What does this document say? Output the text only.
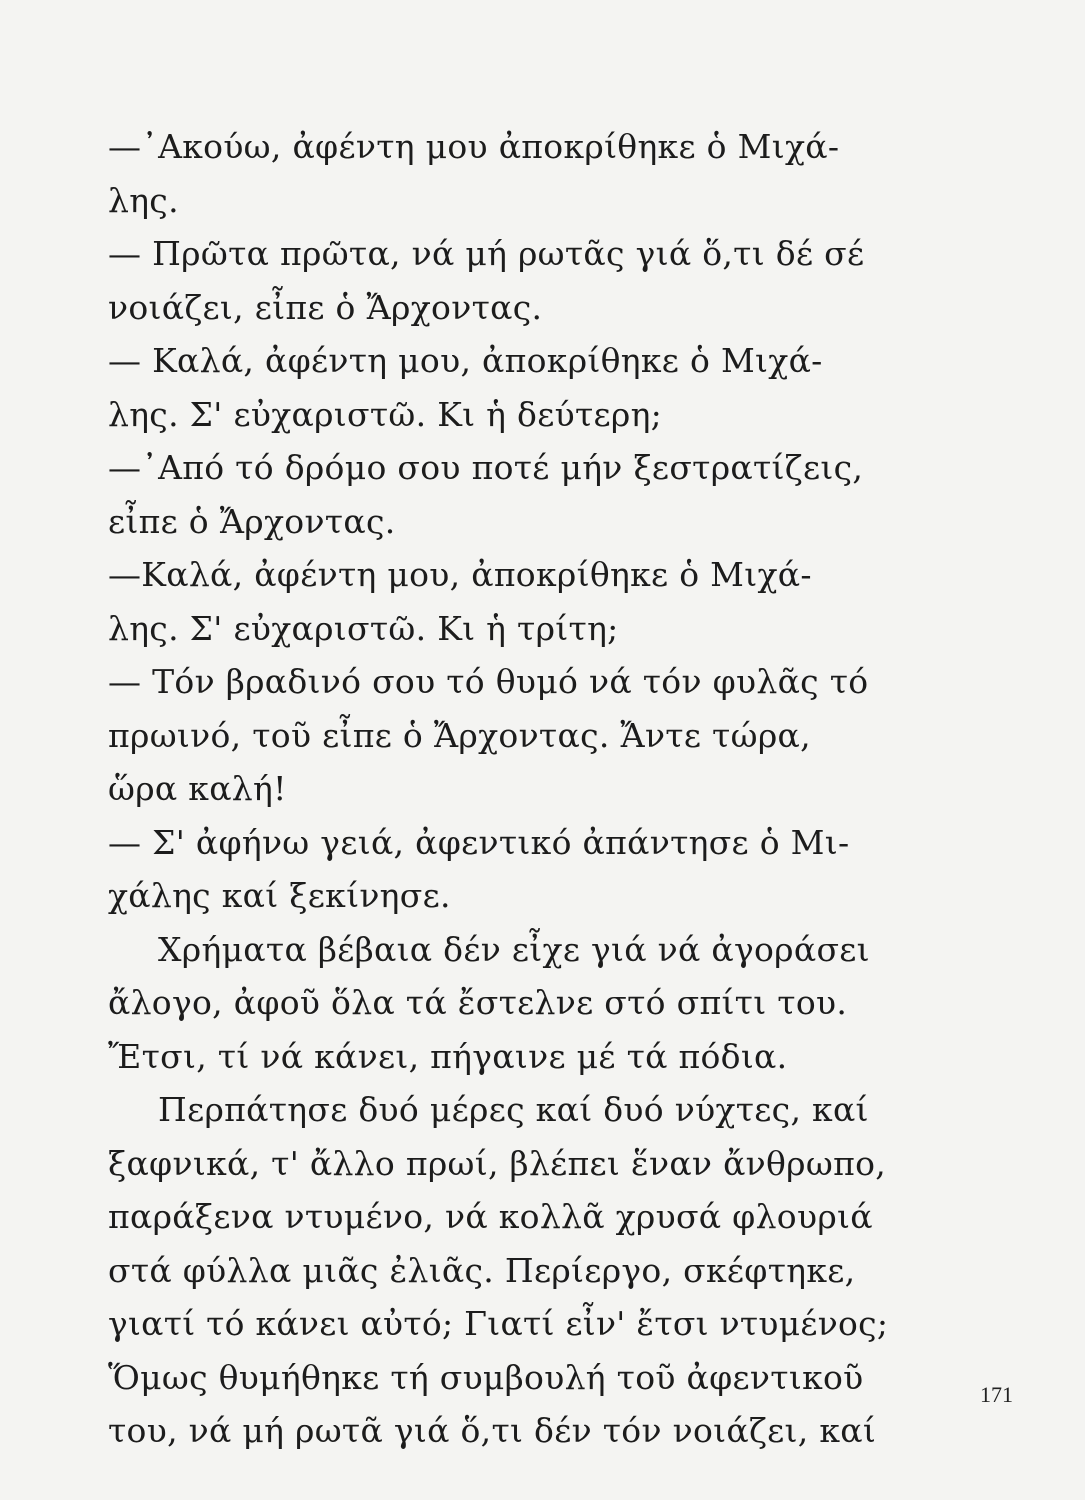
—᾿Ακούω, ἀφέντη μου ἀποκρίθηκε ὁ Μιχά-
λης.
— Πρῶτα πρῶτα, νά μή ρωτᾶς γιά ὅ,τι δέ σέ
νοιάζει, εἶπε ὁ Ἄρχοντας.
— Καλά, ἀφέντη μου, ἀποκρίθηκε ὁ Μιχά-
λης. Σ' εὐχαριστῶ. Κι ἡ δεύτερη;
—᾿Από τό δρόμο σου ποτέ μήν ξεστρατίζεις,
εἶπε ὁ Ἄρχοντας.
—Καλά, ἀφέντη μου, ἀποκρίθηκε ὁ Μιχά-
λης. Σ' εὐχαριστῶ. Κι ἡ τρίτη;
— Τόν βραδινό σου τό θυμό νά τόν φυλᾶς τό
πρωινό, τοῦ εἶπε ὁ Ἄρχοντας. Ἄντε τώρα,
ὥρα καλή!
— Σ' ἀφήνω γειά, ἀφεντικό ἀπάντησε ὁ Μι-
χάλης καί ξεκίνησε.
Χρήματα βέβαια δέν εἶχε γιά νά ἀγοράσει
ἄλογο, ἀφοῦ ὅλα τά ἔστελνε στό σπίτι του.
Ἔτσι, τί νά κάνει, πήγαινε μέ τά πόδια.
Περπάτησε δυό μέρες καί δυό νύχτες, καί
ξαφνικά, τ' ἄλλο πρωί, βλέπει ἕναν ἄνθρωπο,
παράξενα ντυμένο, νά κολλᾶ χρυσά φλουριά
στά φύλλα μιᾶς ἐλιᾶς. Περίεργο, σκέφτηκε,
γιατί τό κάνει αὐτό; Γιατί εἶν' ἔτσι ντυμένος;
Ὅμως θυμήθηκε τή συμβουλή τοῦ ἀφεντικοῦ
του, νά μή ρωτᾶ γιά ὅ,τι δέν τόν νοιάζει, καί
171
